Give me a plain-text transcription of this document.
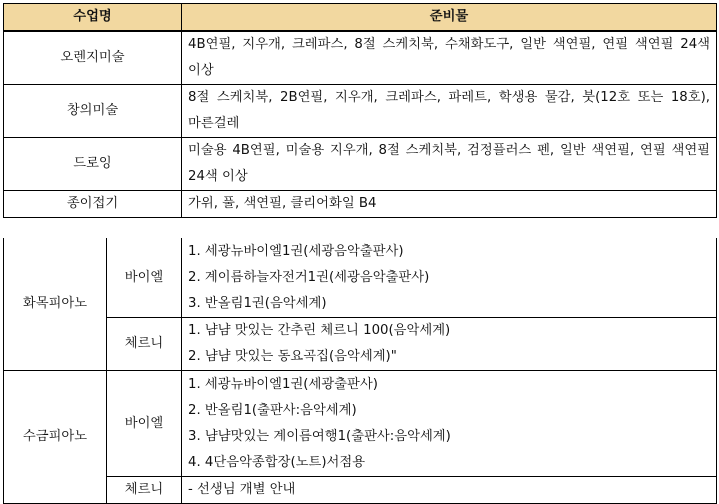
수업명	준비물
오렌지미술	4B연필, 지우개, 크레파스, 8절 스케치북, 수채화도구, 일반 색연필, 연필 색연필 24색 이상
창의미술	8절 스케치북, 2B연필, 지우개, 크레파스, 파레트, 학생용 물감, 붓(12호 또는 18호), 마른걸레
드로잉	미술용 4B연필, 미술용 지우개, 8절 스케치북, 검정플러스 펜, 일반 색연필, 연필 색연필 24색 이상
종이접기	가위, 풀, 색연필, 클리어화일 B4
화목피아노	바이엘	1. 세광뉴바이엘1권(세광음악출판사)
2. 계이름하늘자전거1권(세광음악출판사)
3. 반올림1권(음악세계)

	체르니	1. 냠냠 맛있는 간추린 체르니 100(음악세계)
2. 냠냠 맛있는 동요곡집(음악세계)"

수금피아노	바이엘	1. 세광뉴바이엘1권(세광출판사)
2. 반올림1(출판사:음악세계)
3. 냠냠맛있는 계이름여행1(출판사:음악세계)
4. 4단음악종합장(노트)서점용

	체르니	- 선생님 개별 안내
